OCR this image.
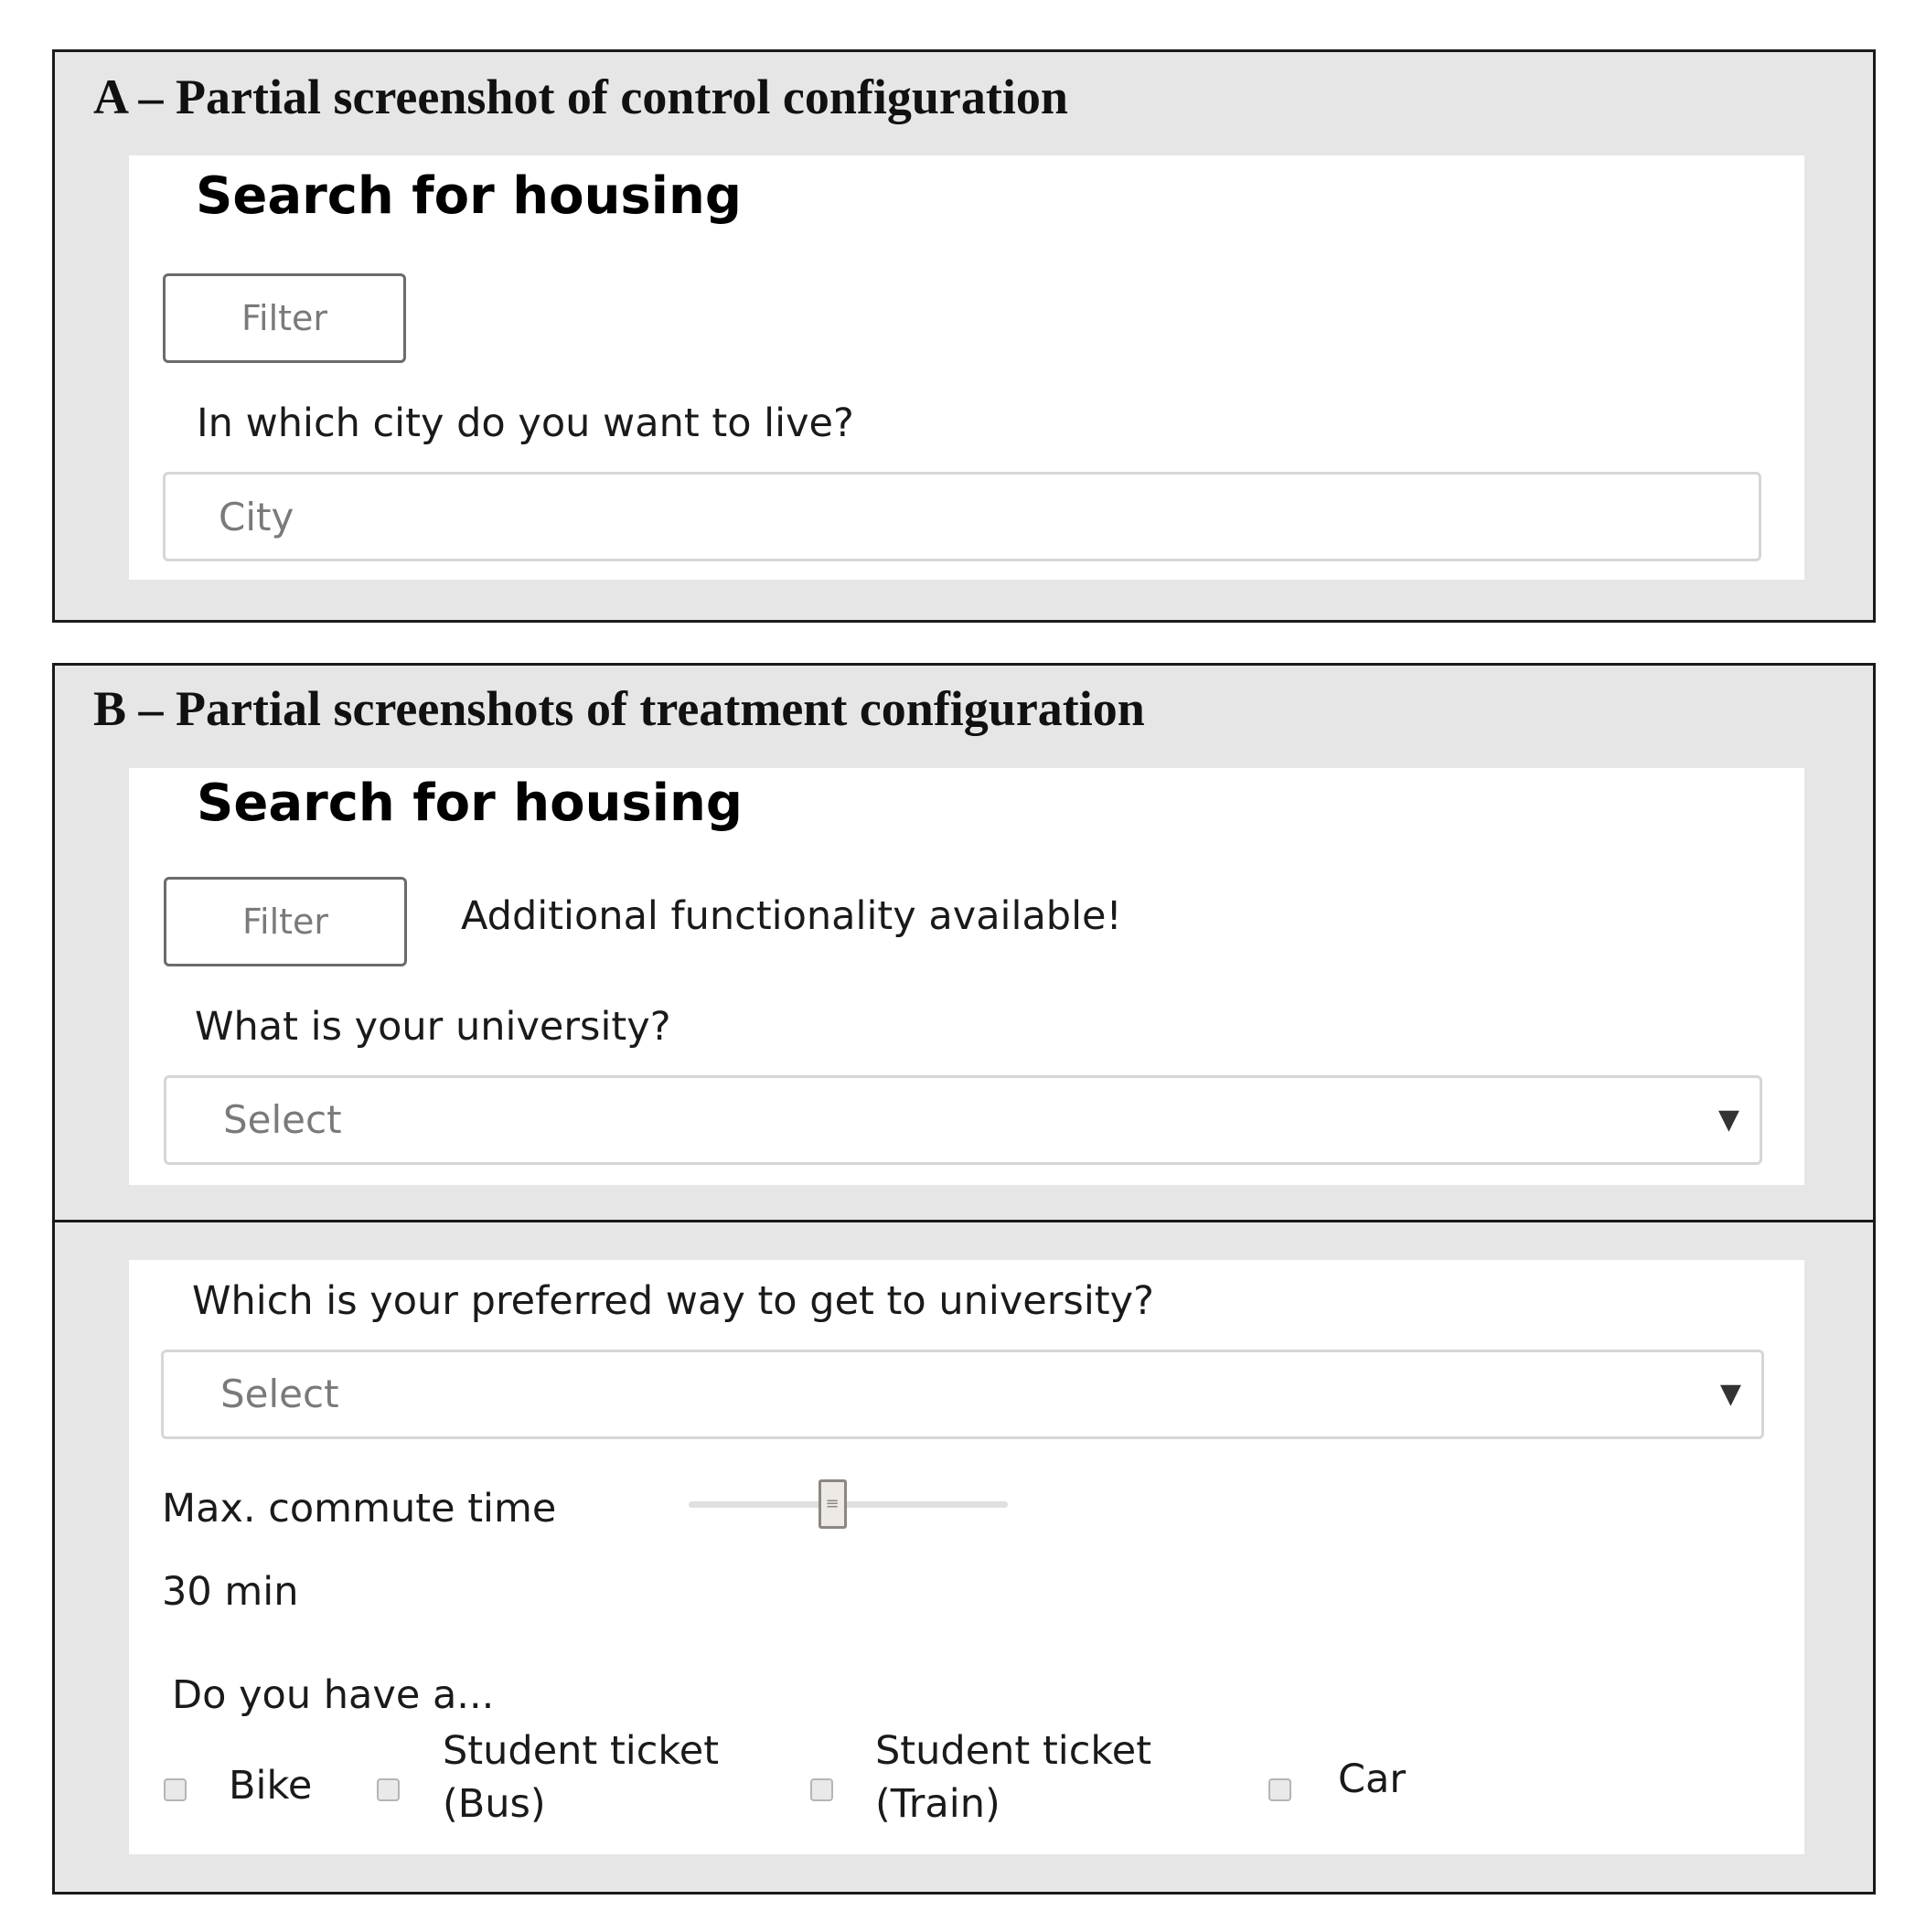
A – Partial screenshot of control configuration
Search for housing
Filter
In which city do you want to live?
City
B – Partial screenshots of treatment configuration
Search for housing
Filter	Additional functionality available!
What is your university?
Select	▼
Which is your preferred way to get to university?
Select	▼
Max. commute time
30 min
Do you have a...
Bike
Student ticket
(Bus)
Student ticket
(Train)
Car
≡
